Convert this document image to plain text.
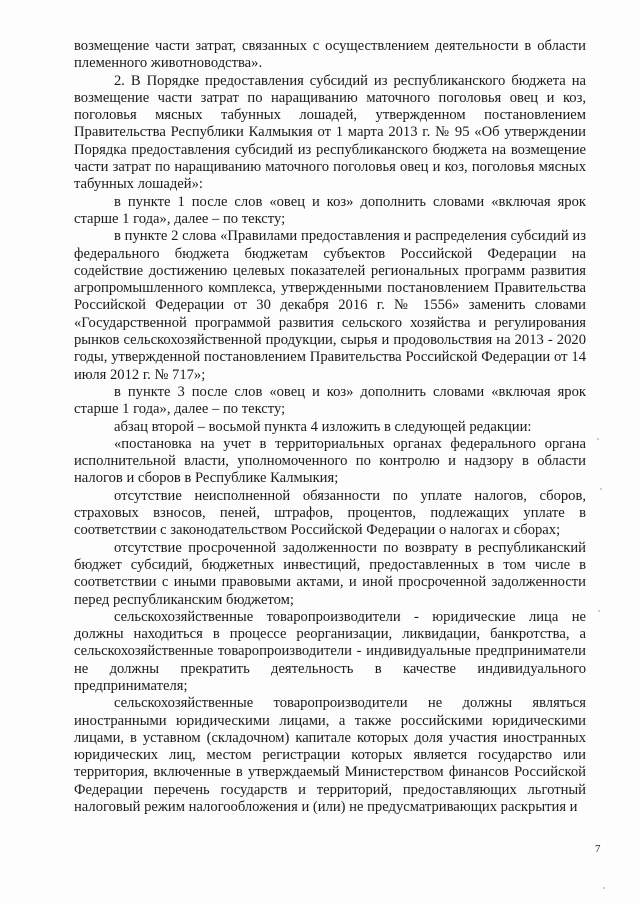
возмещение части затрат, связанных с осуществлением деятельности в области племенного животноводства».

2. В Порядке предоставления субсидий из республиканского бюджета на возмещение части затрат по наращиванию маточного поголовья овец и коз, поголовья мясных табунных лошадей, утвержденном постановлением Правительства Республики Калмыкия от 1 марта 2013 г. № 95 «Об утверждении Порядка предоставления субсидий из республиканского бюджета на возмещение части затрат по наращиванию маточного поголовья овец и коз, поголовья мясных табунных лошадей»:

в пункте 1 после слов «овец и коз» дополнить словами «включая ярок старше 1 года», далее – по тексту;

в пункте 2 слова «Правилами предоставления и распределения субсидий из федерального бюджета бюджетам субъектов Российской Федерации на содействие достижению целевых показателей региональных программ развития агропромышленного комплекса, утвержденными постановлением Правительства Российской Федерации от 30 декабря 2016 г. № 1556» заменить словами «Государственной программой развития сельского хозяйства и регулирования рынков сельскохозяйственной продукции, сырья и продовольствия на 2013 - 2020 годы, утвержденной постановлением Правительства Российской Федерации от 14 июля 2012 г. № 717»;

в пункте 3 после слов «овец и коз» дополнить словами «включая ярок старше 1 года», далее – по тексту;

абзац второй – восьмой пункта 4 изложить в следующей редакции:

«постановка на учет в территориальных органах федерального органа исполнительной власти, уполномоченного по контролю и надзору в области налогов и сборов в Республике Калмыкия;

отсутствие неисполненной обязанности по уплате налогов, сборов, страховых взносов, пеней, штрафов, процентов, подлежащих уплате в соответствии с законодательством Российской Федерации о налогах и сборах;

отсутствие просроченной задолженности по возврату в республиканский бюджет субсидий, бюджетных инвестиций, предоставленных в том числе в соответствии с иными правовыми актами, и иной просроченной задолженности перед республиканским бюджетом;

сельскохозяйственные товаропроизводители - юридические лица не должны находиться в процессе реорганизации, ликвидации, банкротства, а сельскохозяйственные товаропроизводители - индивидуальные предприниматели не должны прекратить деятельность в качестве индивидуального предпринимателя;

сельскохозяйственные товаропроизводители не должны являться иностранными юридическими лицами, а также российскими юридическими лицами, в уставном (складочном) капитале которых доля участия иностранных юридических лиц, местом регистрации которых является государство или территория, включенные в утверждаемый Министерством финансов Российской Федерации перечень государств и территорий, предоставляющих льготный налоговый режим налогообложения и (или) не предусматривающих раскрытия и

7
